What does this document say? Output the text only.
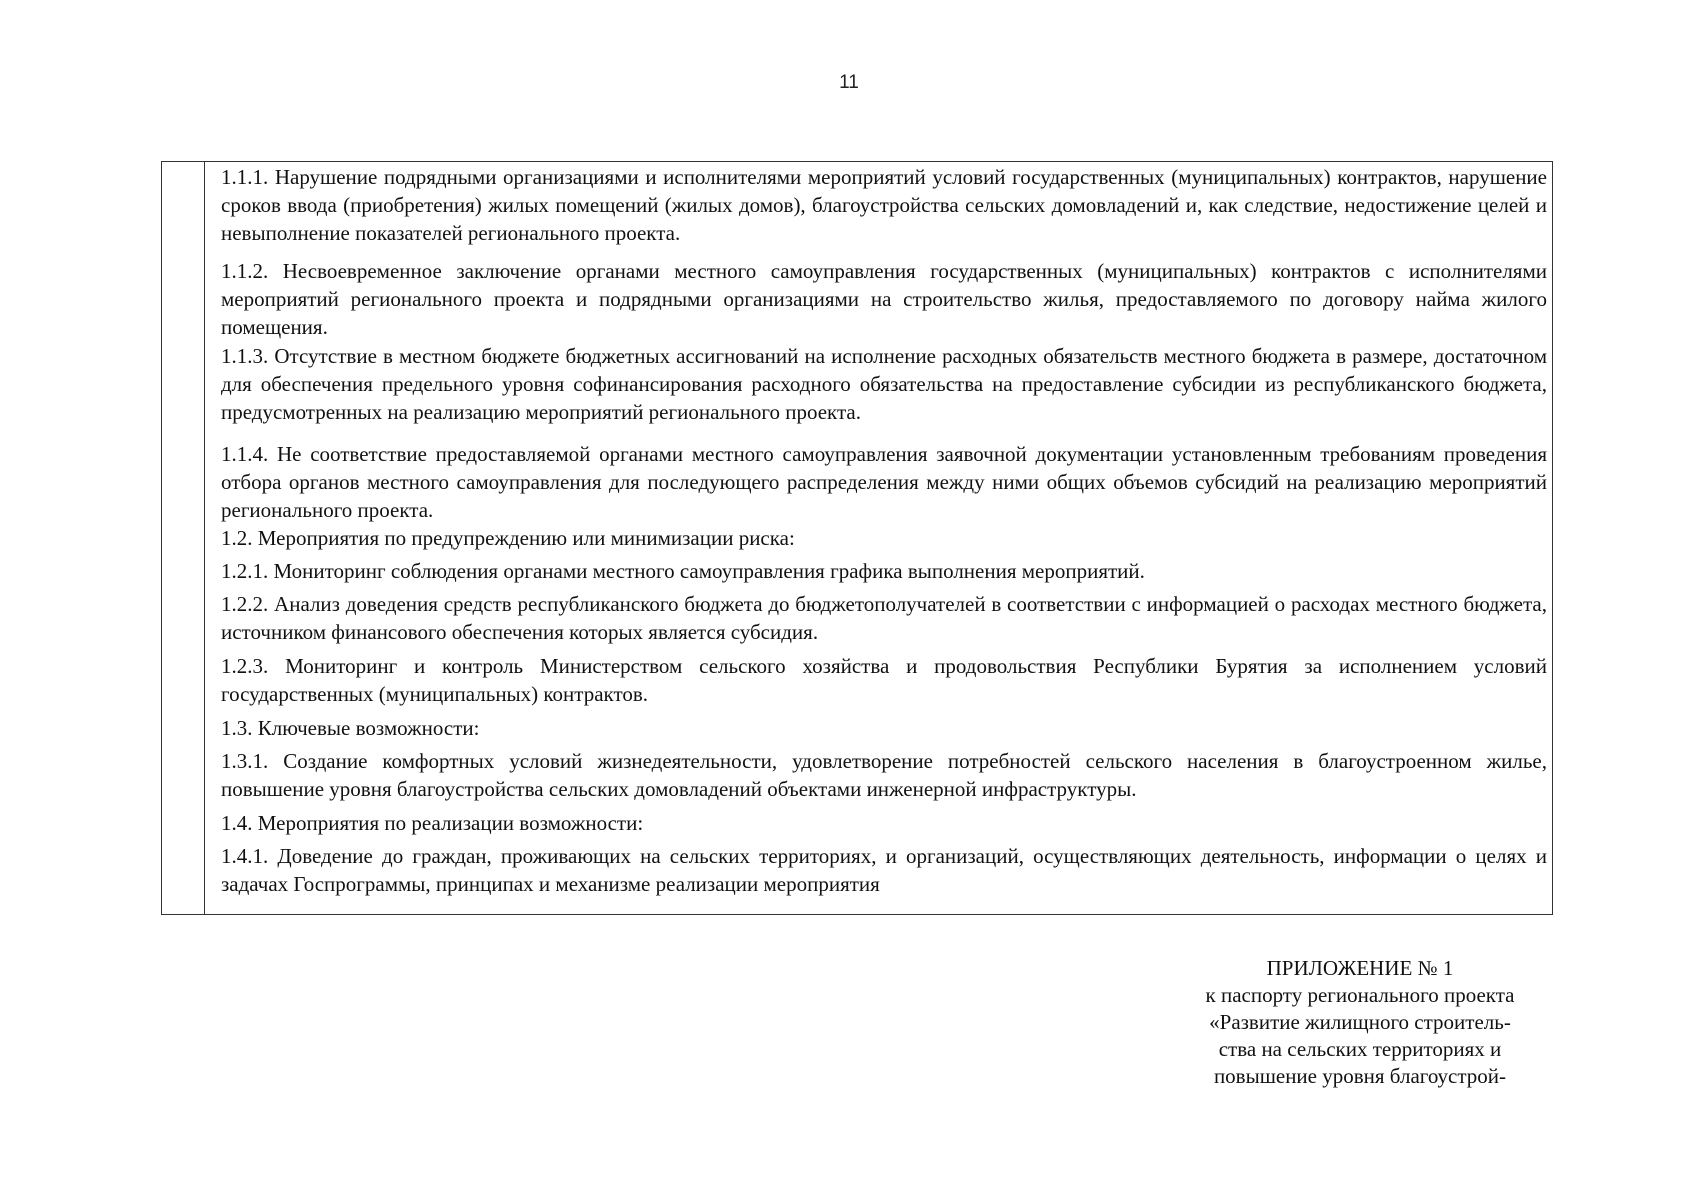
11

1.1.1. Нарушение подрядными организациями и исполнителями мероприятий условий государственных (муниципальных) контрактов, нарушение сроков ввода (приобретения) жилых помещений (жилых домов), благоустройства сельских домовладений и, как следствие, недостижение целей и невыполнение показателей регионального проекта.

1.1.2. Несвоевременное заключение органами местного самоуправления государственных (муниципальных) контрактов с исполнителями мероприятий регионального проекта и подрядными организациями на строительство жилья, предоставляемого по договору найма жилого помещения.

1.1.3. Отсутствие в местном бюджете бюджетных ассигнований на исполнение расходных обязательств местного бюджета в размере, достаточном для обеспечения предельного уровня софинансирования расходного обязательства на предоставление субсидии из республиканского бюджета, предусмотренных на реализацию мероприятий регионального проекта.

1.1.4. Не соответствие предоставляемой органами местного самоуправления заявочной документации установленным требованиям проведения отбора органов местного самоуправления для последующего распределения между ними общих объемов субсидий на реализацию мероприятий регионального проекта.

1.2. Мероприятия по предупреждению или минимизации риска:

1.2.1. Мониторинг соблюдения органами местного самоуправления графика выполнения мероприятий.

1.2.2. Анализ доведения средств республиканского бюджета до бюджетополучателей в соответствии с информацией о расходах местного бюджета, источником финансового обеспечения которых является субсидия.

1.2.3. Мониторинг и контроль Министерством сельского хозяйства и продовольствия Республики Бурятия за исполнением условий государственных (муниципальных) контрактов.

1.3. Ключевые возможности:

1.3.1. Создание комфортных условий жизнедеятельности, удовлетворение потребностей сельского населения в благоустроенном жилье, повышение уровня благоустройства сельских домовладений объектами инженерной инфраструктуры.

1.4. Мероприятия по реализации возможности:

1.4.1. Доведение до граждан, проживающих на сельских территориях, и организаций, осуществляющих деятельность, информации о целях и задачах Госпрограммы, принципах и механизме реализации мероприятия

ПРИЛОЖЕНИЕ № 1
к паспорту регионального проекта
«Развитие жилищного строитель-
ства на сельских территориях и
повышение уровня благоустрой-
